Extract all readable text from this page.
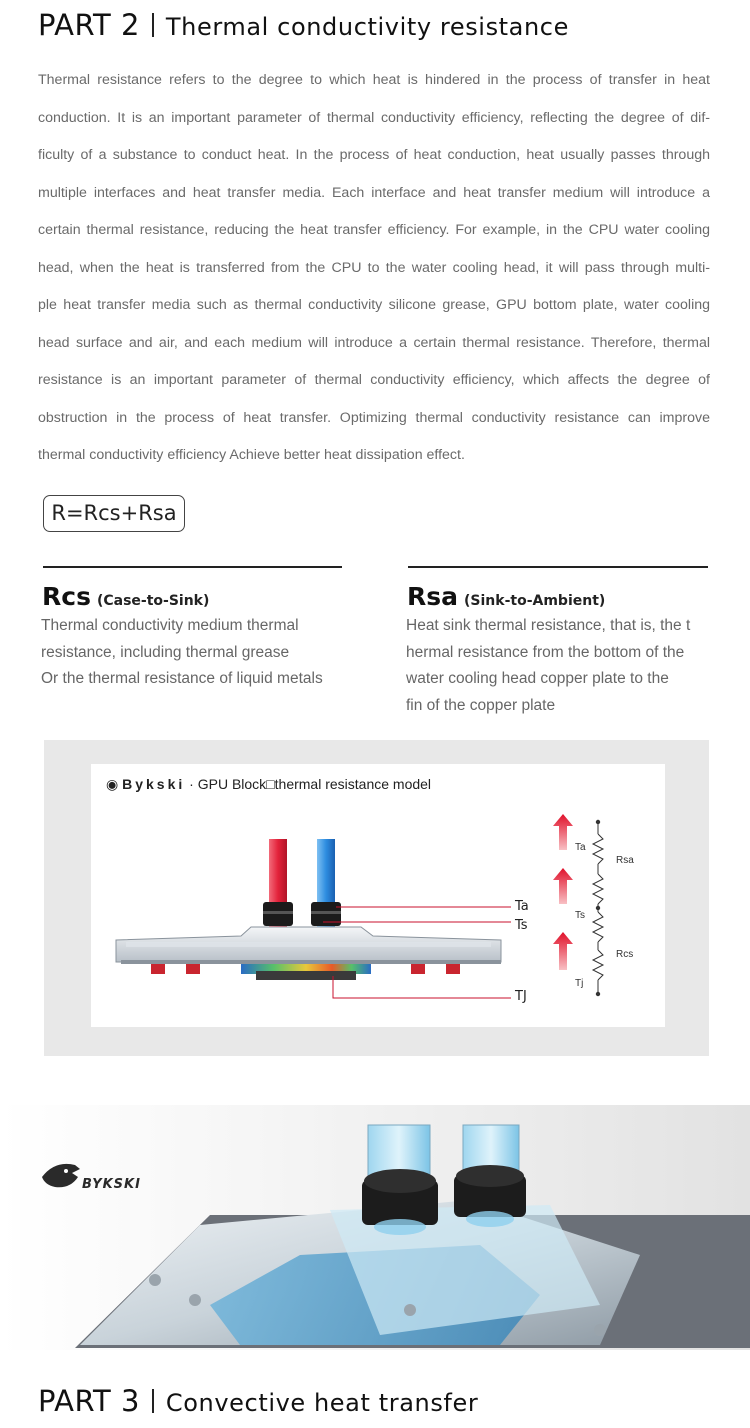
PART 2 Thermal conductivity resistance
Thermal resistance refers to the degree to which heat is hindered in the process of transfer in heat
conduction. It is an important parameter of thermal conductivity efficiency, reflecting the degree of dif-
ficulty of a substance to conduct heat. In the process of heat conduction, heat usually passes through
multiple interfaces and heat transfer media. Each interface and heat transfer medium will introduce a
certain thermal resistance, reducing the heat transfer efficiency. For example, in the CPU water cooling
head, when the heat is transferred from the CPU to the water cooling head, it will pass through multi-
ple heat transfer media such as thermal conductivity silicone grease, GPU bottom plate, water cooling
head surface and air, and each medium will introduce a certain thermal resistance. Therefore, thermal
resistance is an important parameter of thermal conductivity efficiency, which affects the degree of
obstruction in the process of heat transfer. Optimizing thermal conductivity resistance can improve
thermal conductivity efficiency Achieve better heat dissipation effect.
R=Rcs+Rsa
Rcs (Case-to-Sink)
Thermal conductivity medium thermal
resistance, including thermal grease
Or the thermal resistance of liquid metals
Rsa (Sink-to-Ambient)
Heat sink thermal resistance, that is, the t
hermal resistance from the bottom of the
water cooling head copper plate to the
fin of the copper plate
◉ Bykski · GPU Block□thermal resistance model
Ta
Ts
TJ
Ta
Ts
Tj
Rsa
Rcs
BYKSKI
PART 3 Convective heat transfer
